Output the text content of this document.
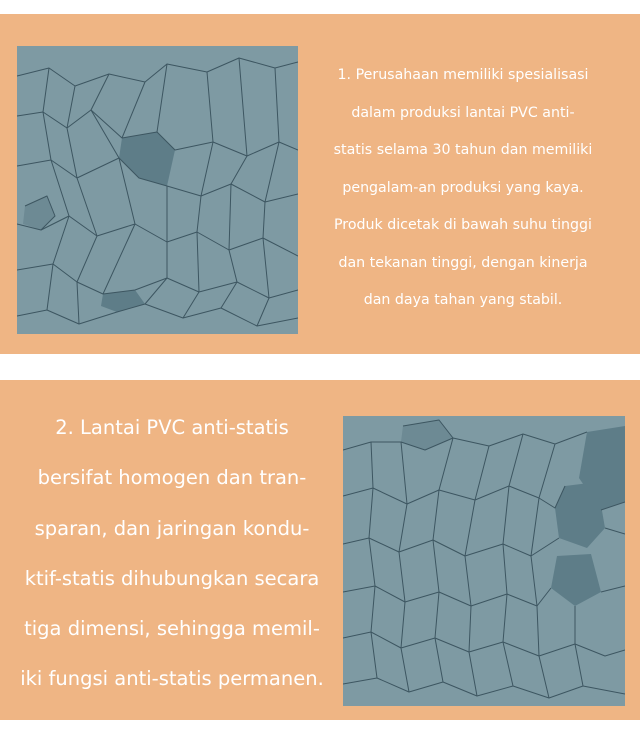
1. Perusahaan memiliki spesialisasi
dalam produksi lantai PVC anti-
statis selama 30 tahun dan memiliki
pengalam-an produksi yang kaya.
Produk dicetak di bawah suhu tinggi
dan tekanan tinggi, dengan kinerja
dan daya tahan yang stabil.

2. Lantai PVC anti-statis
bersifat homogen dan tran-
sparan, dan jaringan kondu-
ktif-statis dihubungkan secara
tiga dimensi, sehingga memil-
iki fungsi anti-statis permanen.
